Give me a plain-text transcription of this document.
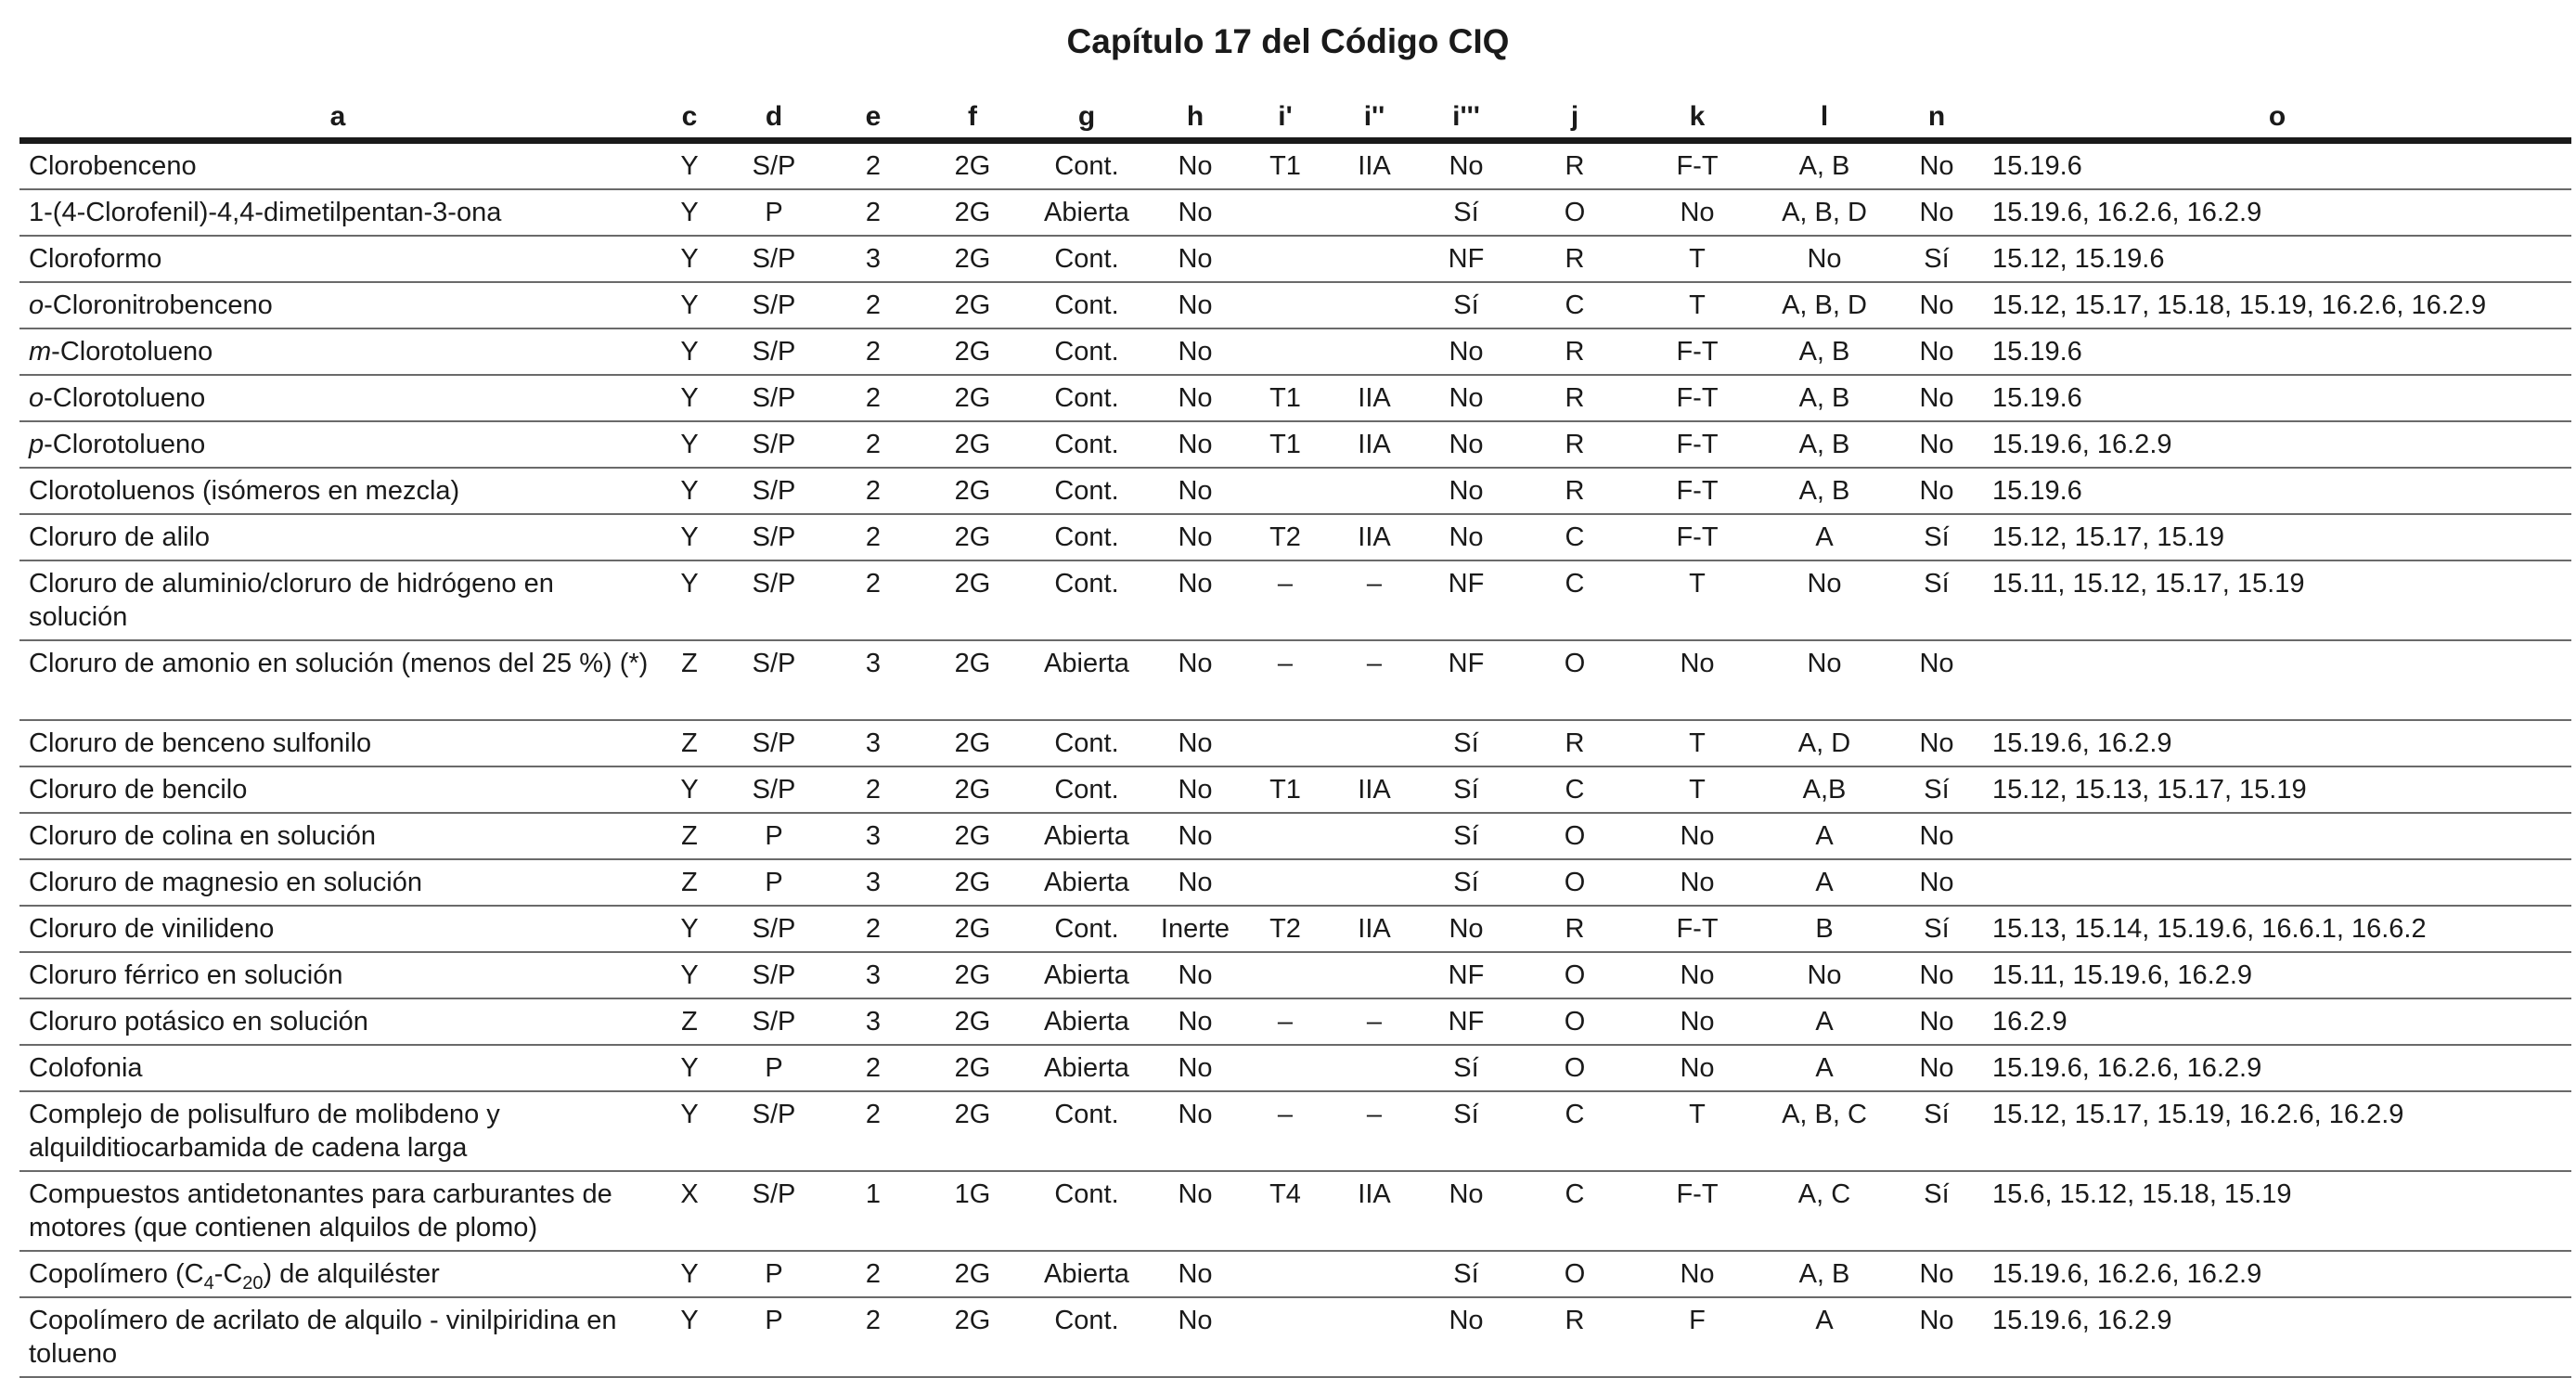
Capítulo 17 del Código CIQ
a	c	d	e	f	g	h	i'	i''	i'''	j	k	l	n	o
Clorobenceno	Y	S/P	2	2G	Cont.	No	T1	IIA	No	R	F-T	A, B	No	15.19.6
1-(4-Clorofenil)-4,4-dimetilpentan-3-ona	Y	P	2	2G	Abierta	No			Sí	O	No	A, B, D	No	15.19.6, 16.2.6, 16.2.9
Cloroformo	Y	S/P	3	2G	Cont.	No			NF	R	T	No	Sí	15.12, 15.19.6
o-Cloronitrobenceno	Y	S/P	2	2G	Cont.	No			Sí	C	T	A, B, D	No	15.12, 15.17, 15.18, 15.19, 16.2.6, 16.2.9
m-Clorotolueno	Y	S/P	2	2G	Cont.	No			No	R	F-T	A, B	No	15.19.6
o-Clorotolueno	Y	S/P	2	2G	Cont.	No	T1	IIA	No	R	F-T	A, B	No	15.19.6
p-Clorotolueno	Y	S/P	2	2G	Cont.	No	T1	IIA	No	R	F-T	A, B	No	15.19.6, 16.2.9
Clorotoluenos (isómeros en mezcla)	Y	S/P	2	2G	Cont.	No			No	R	F-T	A, B	No	15.19.6
Cloruro de alilo	Y	S/P	2	2G	Cont.	No	T2	IIA	No	C	F-T	A	Sí	15.12, 15.17, 15.19
Cloruro de aluminio/cloruro de hidrógeno en solución	Y	S/P	2	2G	Cont.	No	–	–	NF	C	T	No	Sí	15.11, 15.12, 15.17, 15.19
Cloruro de amonio en solución (menos del 25 %) (*)	Z	S/P	3	2G	Abierta	No	–	–	NF	O	No	No	No	
Cloruro de benceno sulfonilo	Z	S/P	3	2G	Cont.	No			Sí	R	T	A, D	No	15.19.6, 16.2.9
Cloruro de bencilo	Y	S/P	2	2G	Cont.	No	T1	IIA	Sí	C	T	A,B	Sí	15.12, 15.13, 15.17, 15.19
Cloruro de colina en solución	Z	P	3	2G	Abierta	No			Sí	O	No	A	No	
Cloruro de magnesio en solución	Z	P	3	2G	Abierta	No			Sí	O	No	A	No	
Cloruro de vinilideno	Y	S/P	2	2G	Cont.	Inerte	T2	IIA	No	R	F-T	B	Sí	15.13, 15.14, 15.19.6, 16.6.1, 16.6.2
Cloruro férrico en solución	Y	S/P	3	2G	Abierta	No			NF	O	No	No	No	15.11, 15.19.6, 16.2.9
Cloruro potásico en solución	Z	S/P	3	2G	Abierta	No	–	–	NF	O	No	A	No	16.2.9
Colofonia	Y	P	2	2G	Abierta	No			Sí	O	No	A	No	15.19.6, 16.2.6, 16.2.9
Complejo de polisulfuro de molibdeno y alquilditiocarbamida de cadena larga	Y	S/P	2	2G	Cont.	No	–	–	Sí	C	T	A, B, C	Sí	15.12, 15.17, 15.19, 16.2.6, 16.2.9
Compuestos antidetonantes para carburantes de motores (que contienen alquilos de plomo)	X	S/P	1	1G	Cont.	No	T4	IIA	No	C	F-T	A, C	Sí	15.6, 15.12, 15.18, 15.19
Copolímero $(C_4-C_{20})$ de alquiléster	Y	P	2	2G	Abierta	No			Sí	O	No	A, B	No	15.19.6, 16.2.6, 16.2.9
Copolímero de acrilato de alquilo - vinilpiridina en tolueno	Y	P	2	2G	Cont.	No			No	R	F	A	No	15.19.6, 16.2.9
